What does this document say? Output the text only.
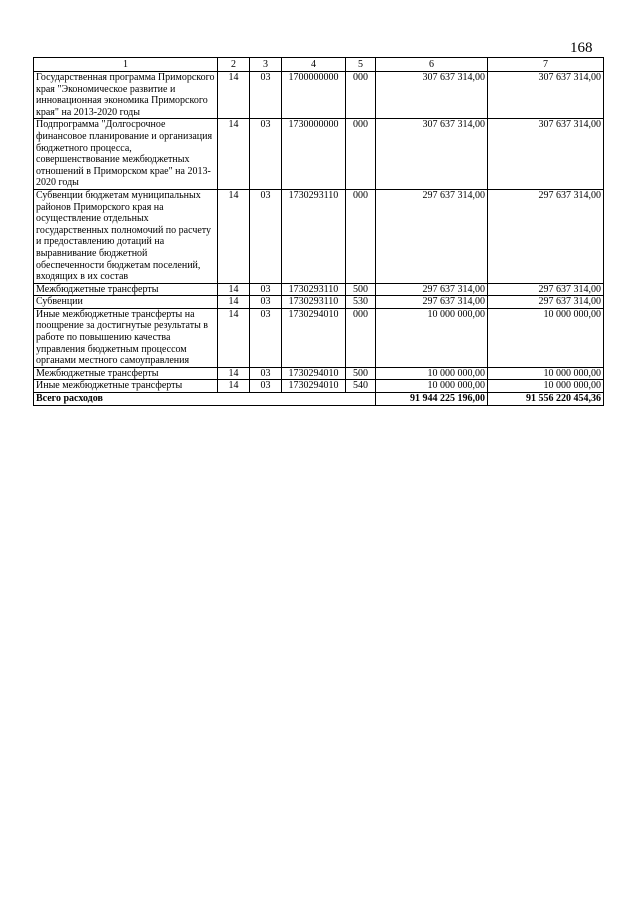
168
1	2	3	4	5	6	7
Государственная программа Приморского края "Экономическое развитие и инновационная экономика Приморского края" на 2013-2020 годы	14	03	1700000000	000	307 637 314,00	307 637 314,00
Подпрограмма "Долгосрочное финансовое планирование и организация бюджетного процесса, совершенствование межбюджетных отношений в Приморском крае" на 2013-2020 годы	14	03	1730000000	000	307 637 314,00	307 637 314,00
Субвенции бюджетам муниципальных районов Приморского края на осуществление отдельных государственных полномочий по расчету и предоставлению дотаций на выравнивание бюджетной обеспеченности бюджетам поселений, входящих в их состав	14	03	1730293110	000	297 637 314,00	297 637 314,00
Межбюджетные трансферты	14	03	1730293110	500	297 637 314,00	297 637 314,00
Субвенции	14	03	1730293110	530	297 637 314,00	297 637 314,00
Иные межбюджетные трансферты на поощрение за достигнутые результаты в работе по повышению качества управления бюджетным процессом органами местного самоуправления	14	03	1730294010	000	10 000 000,00	10 000 000,00
Межбюджетные трансферты	14	03	1730294010	500	10 000 000,00	10 000 000,00
Иные межбюджетные трансферты	14	03	1730294010	540	10 000 000,00	10 000 000,00
Всего расходов					91 944 225 196,00	91 556 220 454,36
